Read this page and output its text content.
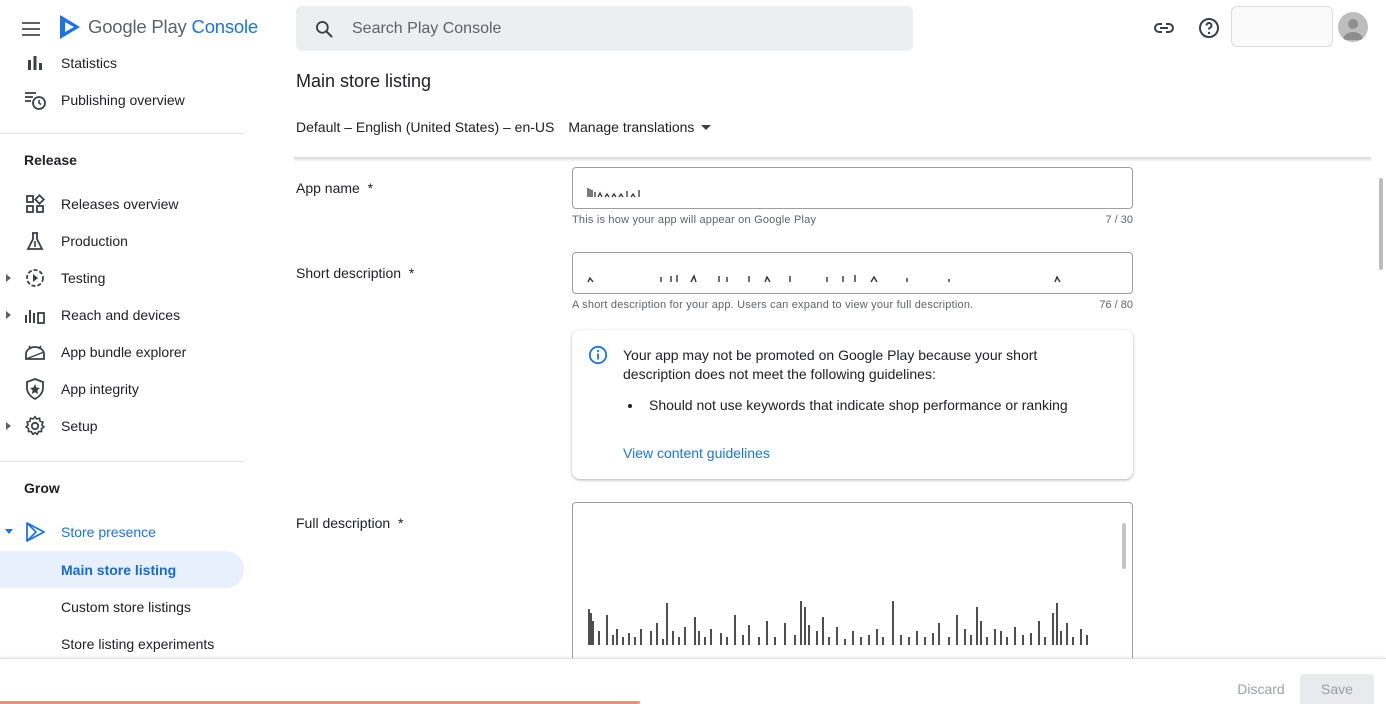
Google Play Console
Search Play Console
Statistics
Publishing overview
Release
Releases overview
Production
Testing
Reach and devices
App bundle explorer
App integrity
Setup
Grow
Store presence
Main store listing
Custom store listings
Store listing experiments
Main store listing
Default – English (United States) – en-US Manage translations
App name *
This is how your app will appear on Google Play	7 / 30
Short description *
A short description for your app. Users can expand to view your full description.	76 / 80
Your app may not be promoted on Google Play because your short description does not meet the following guidelines:
Should not use keywords that indicate shop performance or ranking
View content guidelines
Full description *
Discard	Save
